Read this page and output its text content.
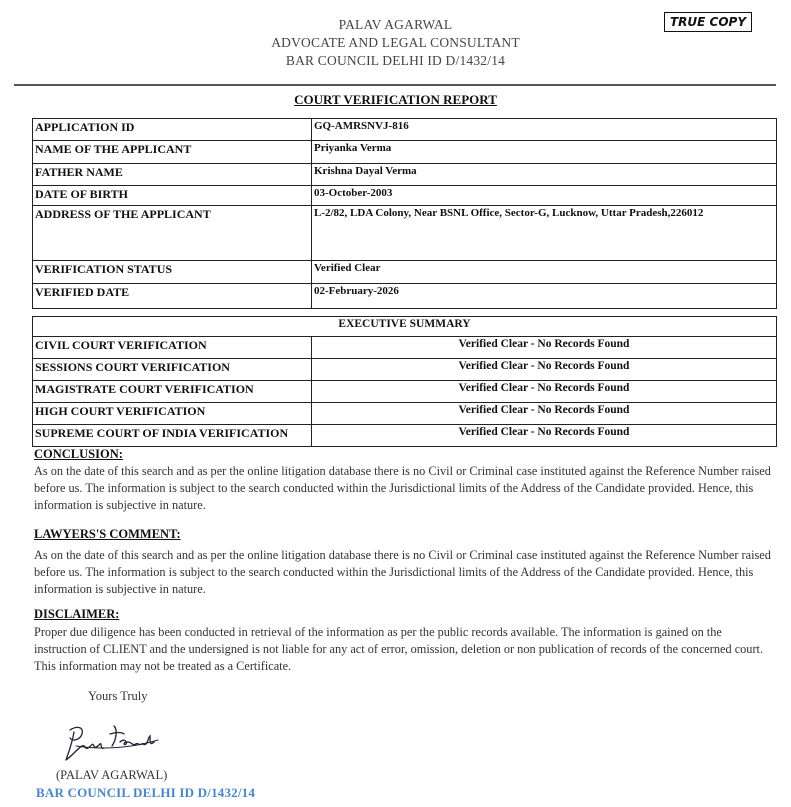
PALAV AGARWAL
ADVOCATE AND LEGAL CONSULTANT
BAR COUNCIL DELHI ID D/1432/14
TRUE COPY
COURT VERIFICATION REPORT
APPLICATION ID	GQ-AMRSNVJ-816
NAME OF THE APPLICANT	Priyanka Verma
FATHER NAME	Krishna Dayal Verma
DATE OF BIRTH	03-October-2003
ADDRESS OF THE APPLICANT	L-2/82, LDA Colony, Near BSNL Office, Sector-G, Lucknow, Uttar Pradesh,226012
VERIFICATION STATUS	Verified Clear
VERIFIED DATE	02-February-2026
EXECUTIVE SUMMARY	
CIVIL COURT VERIFICATION	Verified Clear - No Records Found
SESSIONS COURT VERIFICATION	Verified Clear - No Records Found
MAGISTRATE COURT VERIFICATION	Verified Clear - No Records Found
HIGH COURT VERIFICATION	Verified Clear - No Records Found
SUPREME COURT OF INDIA VERIFICATION	Verified Clear - No Records Found
CONCLUSION:
As on the date of this search and as per the online litigation database there is no Civil or Criminal case instituted against the Reference Number raised before us. The information is subject to the search conducted within the Jurisdictional limits of the Address of the Candidate provided. Hence, this information is subjective in nature.
LAWYERS'S COMMENT:
As on the date of this search and as per the online litigation database there is no Civil or Criminal case instituted against the Reference Number raised before us. The information is subject to the search conducted within the Jurisdictional limits of the Address of the Candidate provided. Hence, this information is subjective in nature.
DISCLAIMER:
Proper due diligence has been conducted in retrieval of the information as per the public records available. The information is gained on the instruction of CLIENT and the undersigned is not liable for any act of error, omission, deletion or non publication of records of the concerned court. This information may not be treated as a Certificate.
Yours Truly
(PALAV AGARWAL)
BAR COUNCIL DELHI ID D/1432/14
